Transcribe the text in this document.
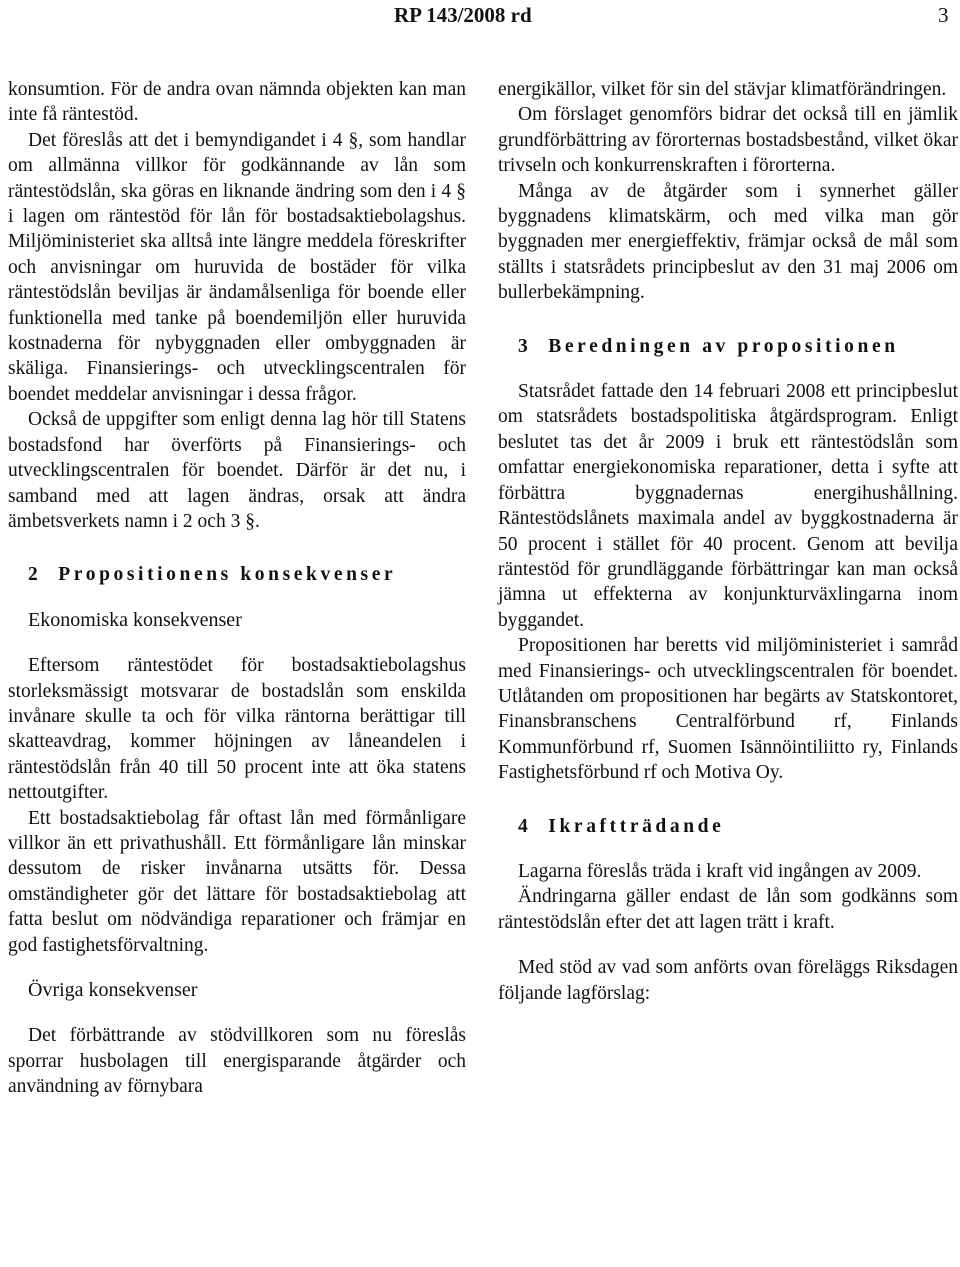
RP 143/2008 rd	3

konsumtion. För de andra ovan nämnda objekten kan man inte få räntestöd.

Det föreslås att det i bemyndigandet i 4 §, som handlar om allmänna villkor för godkännande av lån som räntestödslån, ska göras en liknande ändring som den i 4 § i lagen om räntestöd för lån för bostadsaktiebolagshus. Miljöministeriet ska alltså inte längre meddela föreskrifter och anvisningar om huruvida de bostäder för vilka räntestödslån beviljas är ändamålsenliga för boende eller funktionella med tanke på boendemiljön eller huruvida kostnaderna för nybyggnaden eller ombyggnaden är skäliga. Finansierings- och utvecklingscentralen för boendet meddelar anvisningar i dessa frågor.

Också de uppgifter som enligt denna lag hör till Statens bostadsfond har överförts på Finansierings- och utvecklingscentralen för boendet. Därför är det nu, i samband med att lagen ändras, orsak att ändra ämbetsverkets namn i 2 och 3 §.

2  Propositionens konsekvenser

Ekonomiska konsekvenser

Eftersom räntestödet för bostadsaktiebolagshus storleksmässigt motsvarar de bostadslån som enskilda invånare skulle ta och för vilka räntorna berättigar till skatteavdrag, kommer höjningen av låneandelen i räntestödslån från 40 till 50 procent inte att öka statens nettoutgifter.

Ett bostadsaktiebolag får oftast lån med förmånligare villkor än ett privathushåll. Ett förmånligare lån minskar dessutom de risker invånarna utsätts för. Dessa omständigheter gör det lättare för bostadsaktiebolag att fatta beslut om nödvändiga reparationer och främjar en god fastighetsförvaltning.

Övriga konsekvenser

Det förbättrande av stödvillkoren som nu föreslås sporrar husbolagen till energisparande åtgärder och användning av förnybara

energikällor, vilket för sin del stävjar klimatförändringen.

Om förslaget genomförs bidrar det också till en jämlik grundförbättring av förorternas bostadsbestånd, vilket ökar trivseln och konkurrenskraften i förorterna.

Många av de åtgärder som i synnerhet gäller byggnadens klimatskärm, och med vilka man gör byggnaden mer energieffektiv, främjar också de mål som ställts i statsrådets principbeslut av den 31 maj 2006 om bullerbekämpning.

3  Beredningen av propositionen

Statsrådet fattade den 14 februari 2008 ett principbeslut om statsrådets bostadspolitiska åtgärdsprogram. Enligt beslutet tas det år 2009 i bruk ett räntestödslån som omfattar energiekonomiska reparationer, detta i syfte att förbättra byggnadernas energihushållning. Räntestödslånets maximala andel av byggkostnaderna är 50 procent i stället för 40 procent. Genom att bevilja räntestöd för grundläggande förbättringar kan man också jämna ut effekterna av konjunkturväxlingarna inom byggandet.

Propositionen har beretts vid miljöministeriet i samråd med Finansierings- och utvecklingscentralen för boendet. Utlåtanden om propositionen har begärts av Statskontoret, Finansbranschens Centralförbund rf, Finlands Kommunförbund rf, Suomen Isännöintiliitto ry, Finlands Fastighetsförbund rf och Motiva Oy.

4  Ikraftträdande

Lagarna föreslås träda i kraft vid ingången av 2009.

Ändringarna gäller endast de lån som godkänns som räntestödslån efter det att lagen trätt i kraft.

Med stöd av vad som anförts ovan föreläggs Riksdagen följande lagförslag:
